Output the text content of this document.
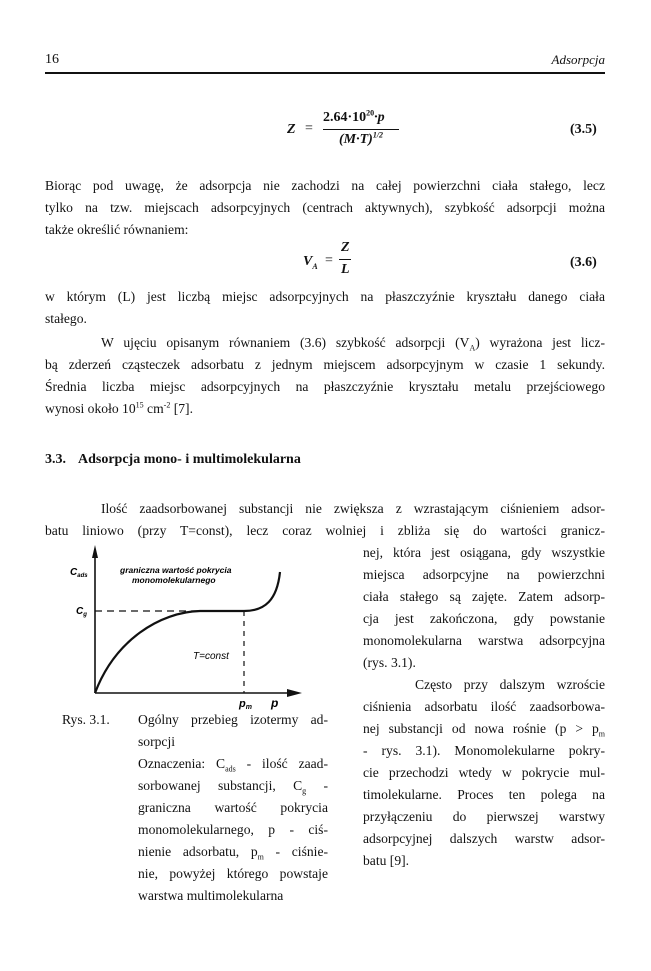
16	Adsorpcja
Z =
$2.64\cdot 10^{20}\cdot p$
$(M\cdot T)^{1/2}$	(3.5)
Biorąc pod uwagę, że adsorpcja nie zachodzi na całej powierzchni ciała stałego, lecz
tylko na tzw. miejscach adsorpcyjnych (centrach aktywnych), szybkość adsorpcji można
także określić równaniem:
$V_A$ =
Z
L	(3.6)
w którym (L) jest liczbą miejsc adsorpcyjnych na płaszczyźnie kryształu danego ciała
stałego.
W ujęciu opisanym równaniem (3.6) szybkość adsorpcji $(V_A)$ wyrażona jest licz-
bą zderzeń cząsteczek adsorbatu z jednym miejscem adsorpcyjnym w czasie 1 sekundy.
Średnia liczba miejsc adsorpcyjnych na płaszczyźnie kryształu metalu przejściowego
wynosi około $10^{15}$ $cm^{-2}$ [7].
3.3. Adsorpcja mono- i multimolekularna
Ilość zaadsorbowanej substancji nie zwiększa z wzrastającym ciśnieniem adsor-
batu liniowo (przy T=const), lecz coraz wolniej i zbliża się do wartości granicz-
nej, która jest osiągana, gdy wszystkie
miejsca adsorpcyjne na powierzchni
ciała stałego są zajęte. Zatem adsorp-
cja jest zakończona, gdy powstanie
monomolekularna warstwa adsorpcyjna
(rys. 3.1).
Często przy dalszym wzroście
ciśnienia adsorbatu ilość zaadsorbowa-
nej substancji od nowa rośnie ($p > p_m$
- rys. 3.1). Monomolekularne pokry-
cie przechodzi wtedy w pokrycie mul-
timolekularne. Proces ten polega na
przyłączeniu do pierwszej warstwy
adsorpcyjnej dalszych warstw adsor-
batu [9].
$C_{ads}$
$C_g$
graniczna wartość pokrycia
monomolekularnego
T=const
pm p
Rys. 3.1. Ogólny przebieg izotermy ad-
sorpcji
Oznaczenia: $C_{ads}$ - ilość zaad-
sorbowanej substancji, $C_g$ -
graniczna wartość pokrycia
monomolekularnego, p - ciś-
nienie adsorbatu, $p_m$ - ciśnie-
nie, powyżej którego powstaje
warstwa multimolekularna
